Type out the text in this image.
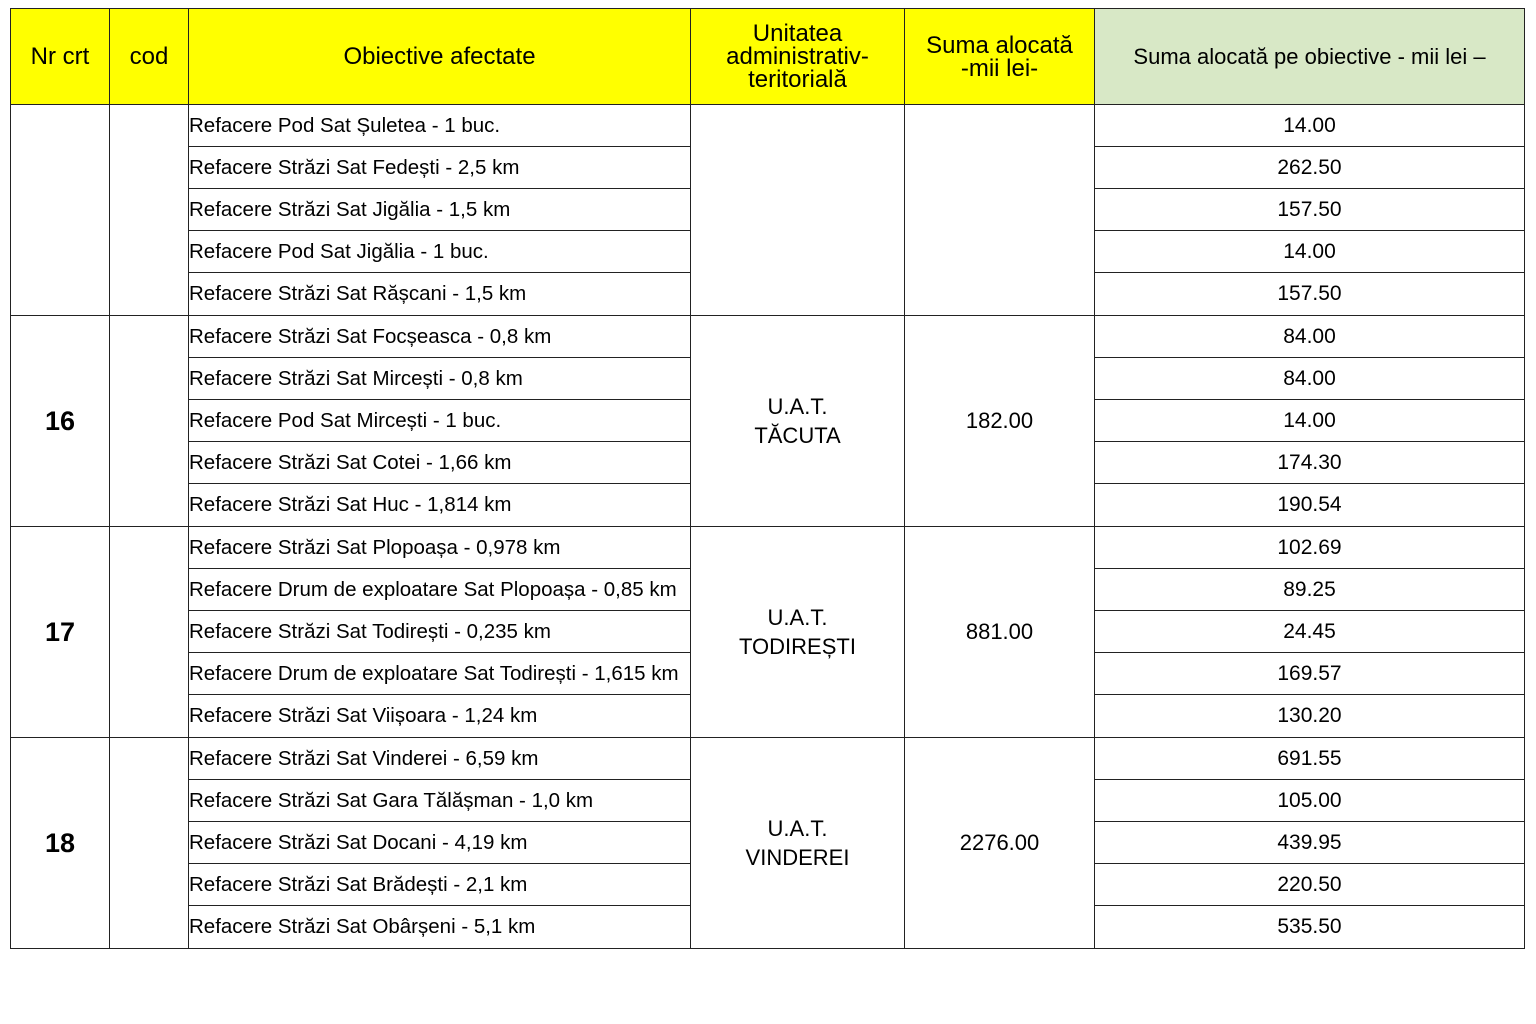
Nr crt	cod	Obiective afectate	Unitatea
administrativ-
teritorială	Suma alocată
-mii lei-	Suma alocată pe obiective - mii lei –
		Refacere Pod Sat Șuletea - 1 buc.			14.00
		Refacere Străzi Sat Fedești - 2,5 km			262.50
		Refacere Străzi Sat Jigălia - 1,5 km			157.50
		Refacere Pod Sat Jigălia - 1 buc.			14.00
		Refacere Străzi Sat Rășcani - 1,5 km			157.50
16		Refacere Străzi Sat Focșeasca - 0,8 km	U.A.T.
TĂCUTA	182.00	84.00
		Refacere Străzi Sat Mircești - 0,8 km			84.00
		Refacere Pod Sat Mircești - 1 buc.			14.00
		Refacere Străzi Sat Cotei - 1,66 km			174.30
		Refacere Străzi Sat Huc - 1,814 km			190.54
17		Refacere Străzi Sat Plopoașa - 0,978 km	U.A.T.
TODIREȘTI	881.00	102.69
		Refacere Drum de exploatare Sat Plopoașa - 0,85 km			89.25
		Refacere Străzi Sat Todirești - 0,235 km			24.45
		Refacere Drum de exploatare Sat Todirești - 1,615 km			169.57
		Refacere Străzi Sat Viișoara - 1,24 km			130.20
18		Refacere Străzi Sat Vinderei - 6,59 km	U.A.T.
VINDEREI	2276.00	691.55
		Refacere Străzi Sat Gara Tălășman - 1,0 km			105.00
		Refacere Străzi Sat Docani - 4,19 km			439.95
		Refacere Străzi Sat Brădești - 2,1 km			220.50
		Refacere Străzi Sat Obârșeni - 5,1 km			535.50
